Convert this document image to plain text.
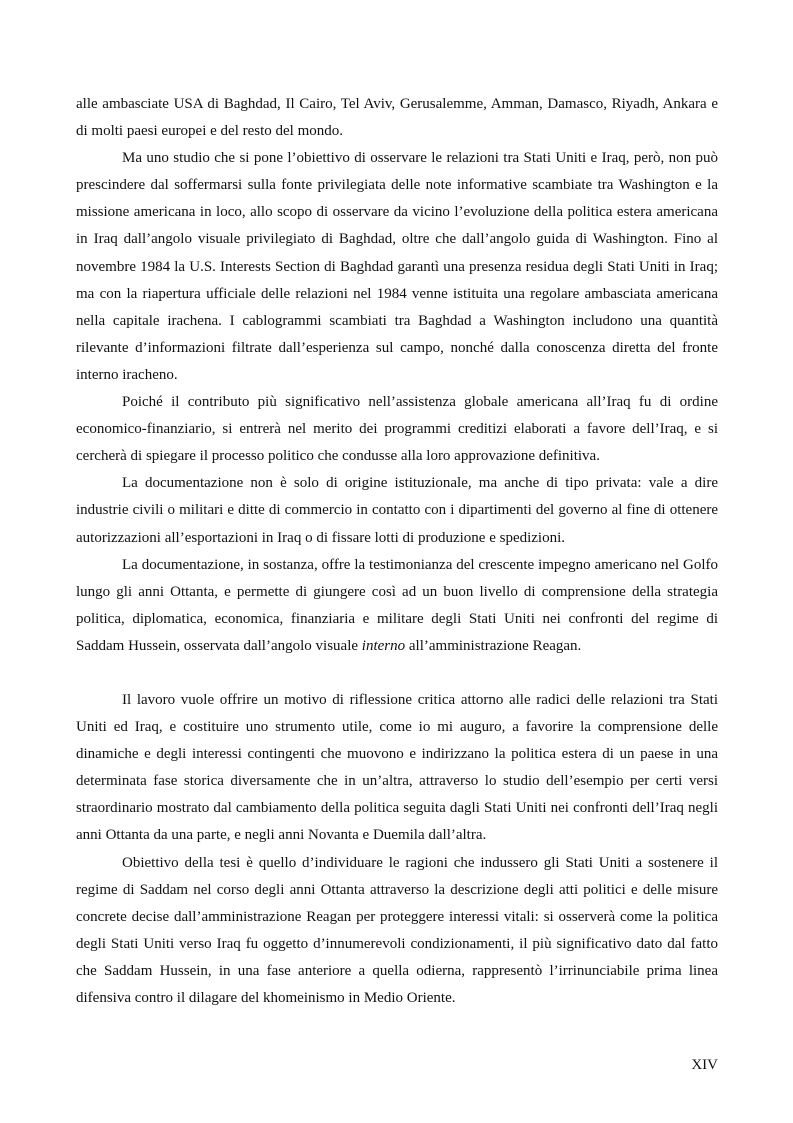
alle ambasciate USA di Baghdad, Il Cairo, Tel Aviv, Gerusalemme, Amman, Damasco, Riyadh, Ankara e di molti paesi europei e del resto del mondo.

Ma uno studio che si pone l’obiettivo di osservare le relazioni tra Stati Uniti e Iraq, però, non può prescindere dal soffermarsi sulla fonte privilegiata delle note informative scambiate tra Washington e la missione americana in loco, allo scopo di osservare da vicino l’evoluzione della politica estera americana in Iraq dall’angolo visuale privilegiato di Baghdad, oltre che dall’angolo guida di Washington. Fino al novembre 1984 la U.S. Interests Section di Baghdad garantì una presenza residua degli Stati Uniti in Iraq; ma con la riapertura ufficiale delle relazioni nel 1984 venne istituita una regolare ambasciata americana nella capitale irachena. I cablogrammi scambiati tra Baghdad a Washington includono una quantità rilevante d’informazioni filtrate dall’esperienza sul campo, nonché dalla conoscenza diretta del fronte interno iracheno.

Poiché il contributo più significativo nell’assistenza globale americana all’Iraq fu di ordine economico-finanziario, si entrerà nel merito dei programmi creditizi elaborati a favore dell’Iraq, e si cercherà di spiegare il processo politico che condusse alla loro approvazione definitiva.

La documentazione non è solo di origine istituzionale, ma anche di tipo privata: vale a dire industrie civili o militari e ditte di commercio in contatto con i dipartimenti del governo al fine di ottenere autorizzazioni all’esportazioni in Iraq o di fissare lotti di produzione e spedizioni.

La documentazione, in sostanza, offre la testimonianza del crescente impegno americano nel Golfo lungo gli anni Ottanta, e permette di giungere così ad un buon livello di comprensione della strategia politica, diplomatica, economica, finanziaria e militare degli Stati Uniti nei confronti del regime di Saddam Hussein, osservata dall’angolo visuale interno all’amministrazione Reagan.

Il lavoro vuole offrire un motivo di riflessione critica attorno alle radici delle relazioni tra Stati Uniti ed Iraq, e costituire uno strumento utile, come io mi auguro, a favorire la comprensione delle dinamiche e degli interessi contingenti che muovono e indirizzano la politica estera di un paese in una determinata fase storica diversamente che in un’altra, attraverso lo studio dell’esempio per certi versi straordinario mostrato dal cambiamento della politica seguita dagli Stati Uniti nei confronti dell’Iraq negli anni Ottanta da una parte, e negli anni Novanta e Duemila dall’altra.

Obiettivo della tesi è quello d’individuare le ragioni che indussero gli Stati Uniti a sostenere il regime di Saddam nel corso degli anni Ottanta attraverso la descrizione degli atti politici e delle misure concrete decise dall’amministrazione Reagan per proteggere interessi vitali: si osserverà come la politica degli Stati Uniti verso Iraq fu oggetto d’innumerevoli condizionamenti, il più significativo dato dal fatto che Saddam Hussein, in una fase anteriore a quella odierna, rappresentò l’irrinunciabile prima linea difensiva contro il dilagare del khomeinismo in Medio Oriente.

XIV
